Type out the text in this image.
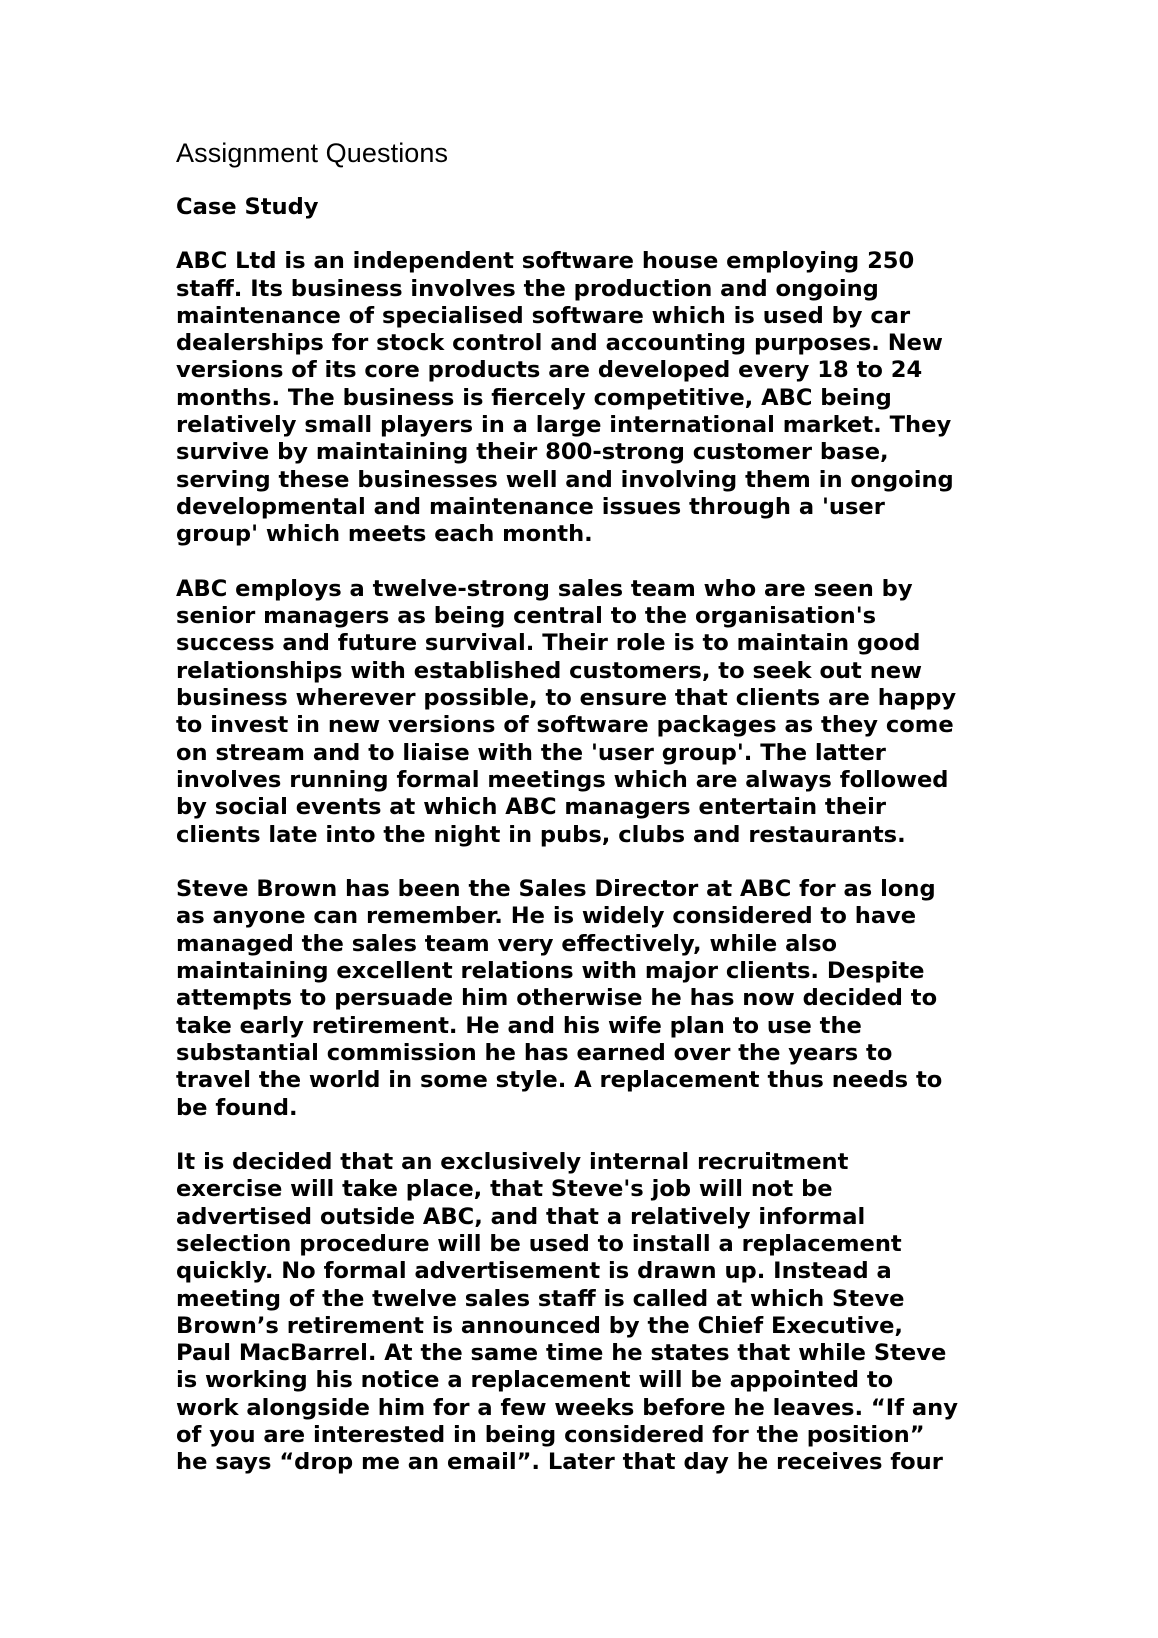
Assignment Questions
Case Study

ABC Ltd is an independent software house employing 250
staff. Its business involves the production and ongoing
maintenance of specialised software which is used by car
dealerships for stock control and accounting purposes. New
versions of its core products are developed every 18 to 24
months. The business is fiercely competitive, ABC being
relatively small players in a large international market. They
survive by maintaining their 800-strong customer base,
serving these businesses well and involving them in ongoing
developmental and maintenance issues through a 'user
group' which meets each month.

ABC employs a twelve-strong sales team who are seen by
senior managers as being central to the organisation's
success and future survival. Their role is to maintain good
relationships with established customers, to seek out new
business wherever possible, to ensure that clients are happy
to invest in new versions of software packages as they come
on stream and to liaise with the 'user group'. The latter
involves running formal meetings which are always followed
by social events at which ABC managers entertain their
clients late into the night in pubs, clubs and restaurants.

Steve Brown has been the Sales Director at ABC for as long
as anyone can remember. He is widely considered to have
managed the sales team very effectively, while also
maintaining excellent relations with major clients. Despite
attempts to persuade him otherwise he has now decided to
take early retirement. He and his wife plan to use the
substantial commission he has earned over the years to
travel the world in some style. A replacement thus needs to
be found.

It is decided that an exclusively internal recruitment
exercise will take place, that Steve's job will not be
advertised outside ABC, and that a relatively informal
selection procedure will be used to install a replacement
quickly. No formal advertisement is drawn up. Instead a
meeting of the twelve sales staff is called at which Steve
Brown’s retirement is announced by the Chief Executive,
Paul MacBarrel. At the same time he states that while Steve
is working his notice a replacement will be appointed to
work alongside him for a few weeks before he leaves. “If any
of you are interested in being considered for the position”
he says “drop me an email”. Later that day he receives four
